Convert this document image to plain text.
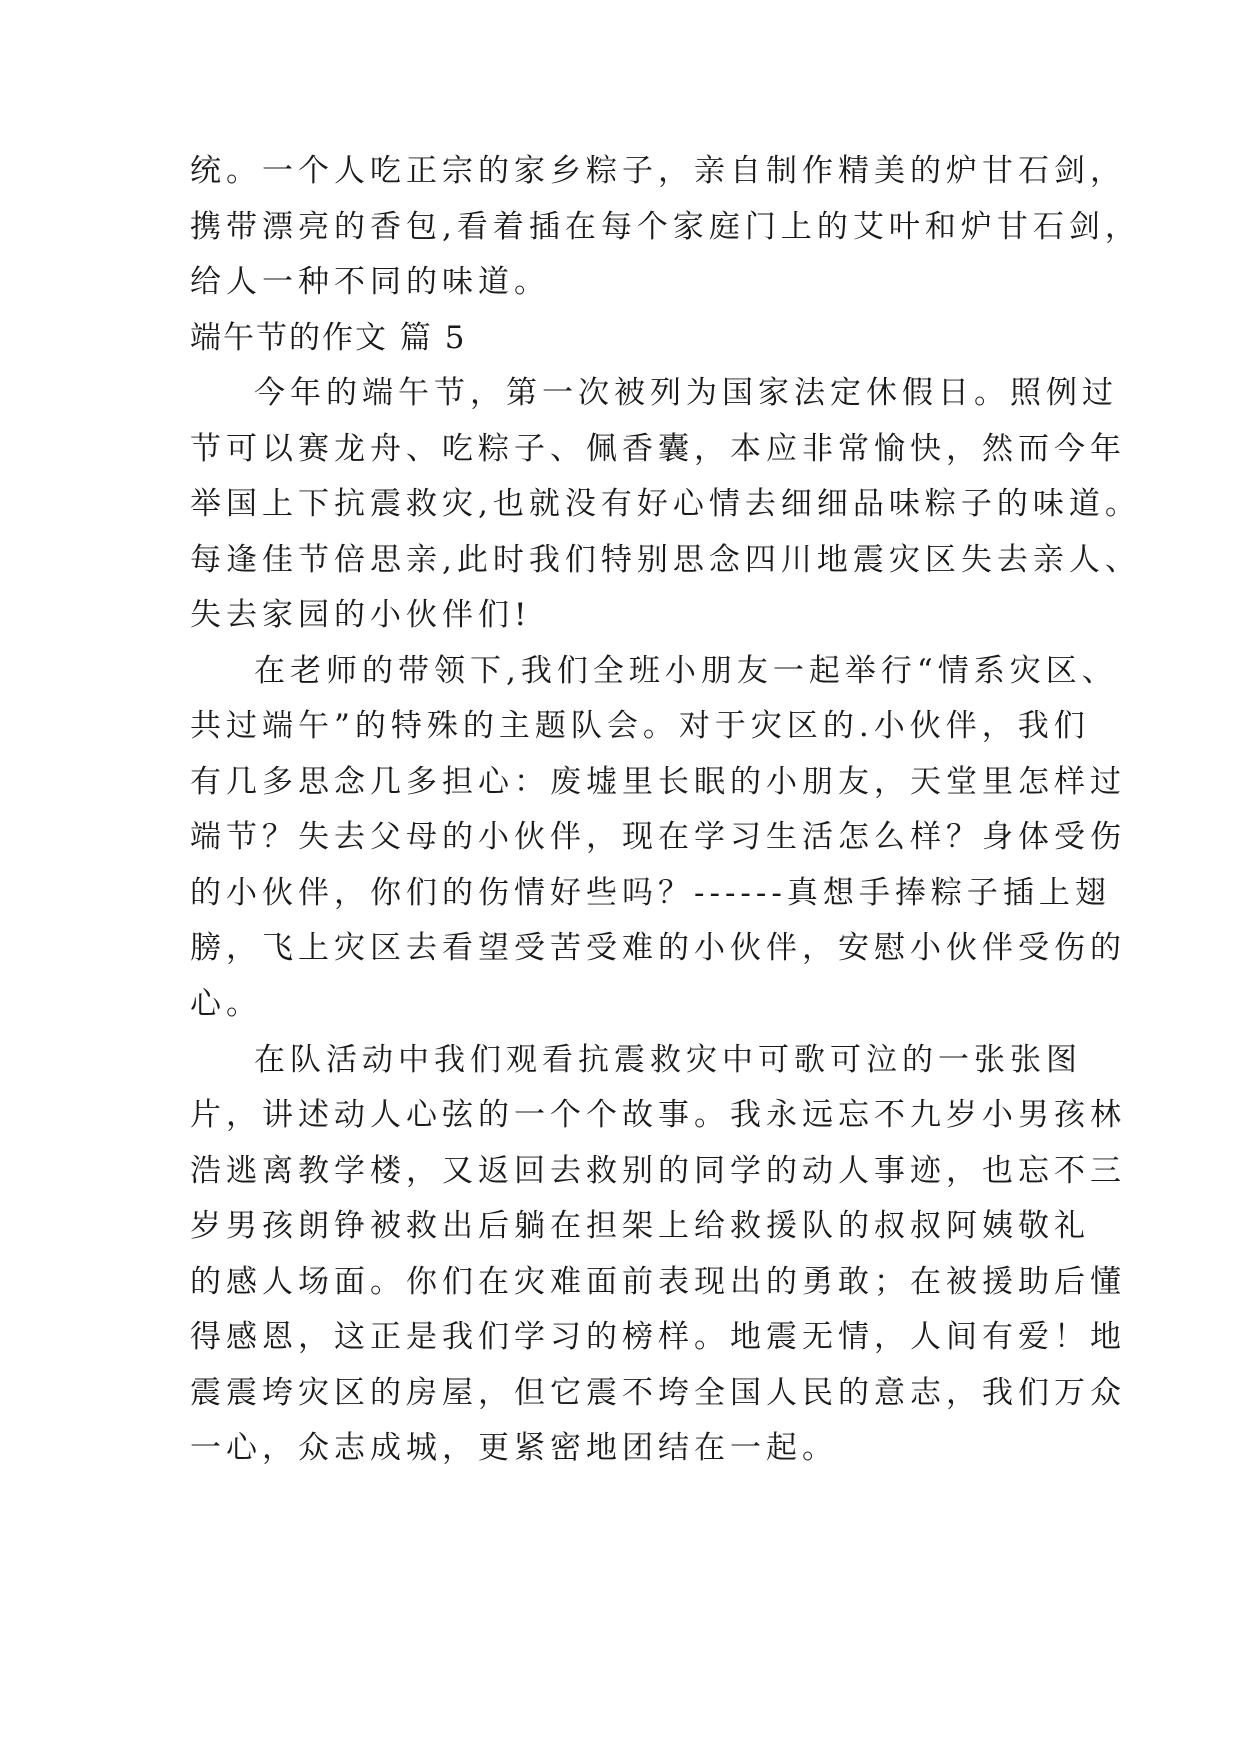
统。一个人吃正宗的家乡粽子，亲自制作精美的炉甘石剑，
携带漂亮的香包,看着插在每个家庭门上的艾叶和炉甘石剑，
给人一种不同的味道。
端午节的作文 篇 5
今年的端午节，第一次被列为国家法定休假日。照例过
节可以赛龙舟、吃粽子、佩香囊，本应非常愉快，然而今年
举国上下抗震救灾,也就没有好心情去细细品味粽子的味道。
每逢佳节倍思亲,此时我们特别思念四川地震灾区失去亲人、
失去家园的小伙伴们!
在老师的带领下,我们全班小朋友一起举行“情系灾区、
共过端午”的特殊的主题队会。对于灾区的.小伙伴，我们
有几多思念几多担心：废墟里长眠的小朋友，天堂里怎样过
端节？失去父母的小伙伴，现在学习生活怎么样？身体受伤
的小伙伴，你们的伤情好些吗？------真想手捧粽子插上翅
膀，飞上灾区去看望受苦受难的小伙伴，安慰小伙伴受伤的
心。
在队活动中我们观看抗震救灾中可歌可泣的一张张图
片，讲述动人心弦的一个个故事。我永远忘不九岁小男孩林
浩逃离教学楼，又返回去救别的同学的动人事迹，也忘不三
岁男孩朗铮被救出后躺在担架上给救援队的叔叔阿姨敬礼
的感人场面。你们在灾难面前表现出的勇敢；在被援助后懂
得感恩，这正是我们学习的榜样。地震无情，人间有爱！地
震震垮灾区的房屋，但它震不垮全国人民的意志，我们万众
一心，众志成城，更紧密地团结在一起。
